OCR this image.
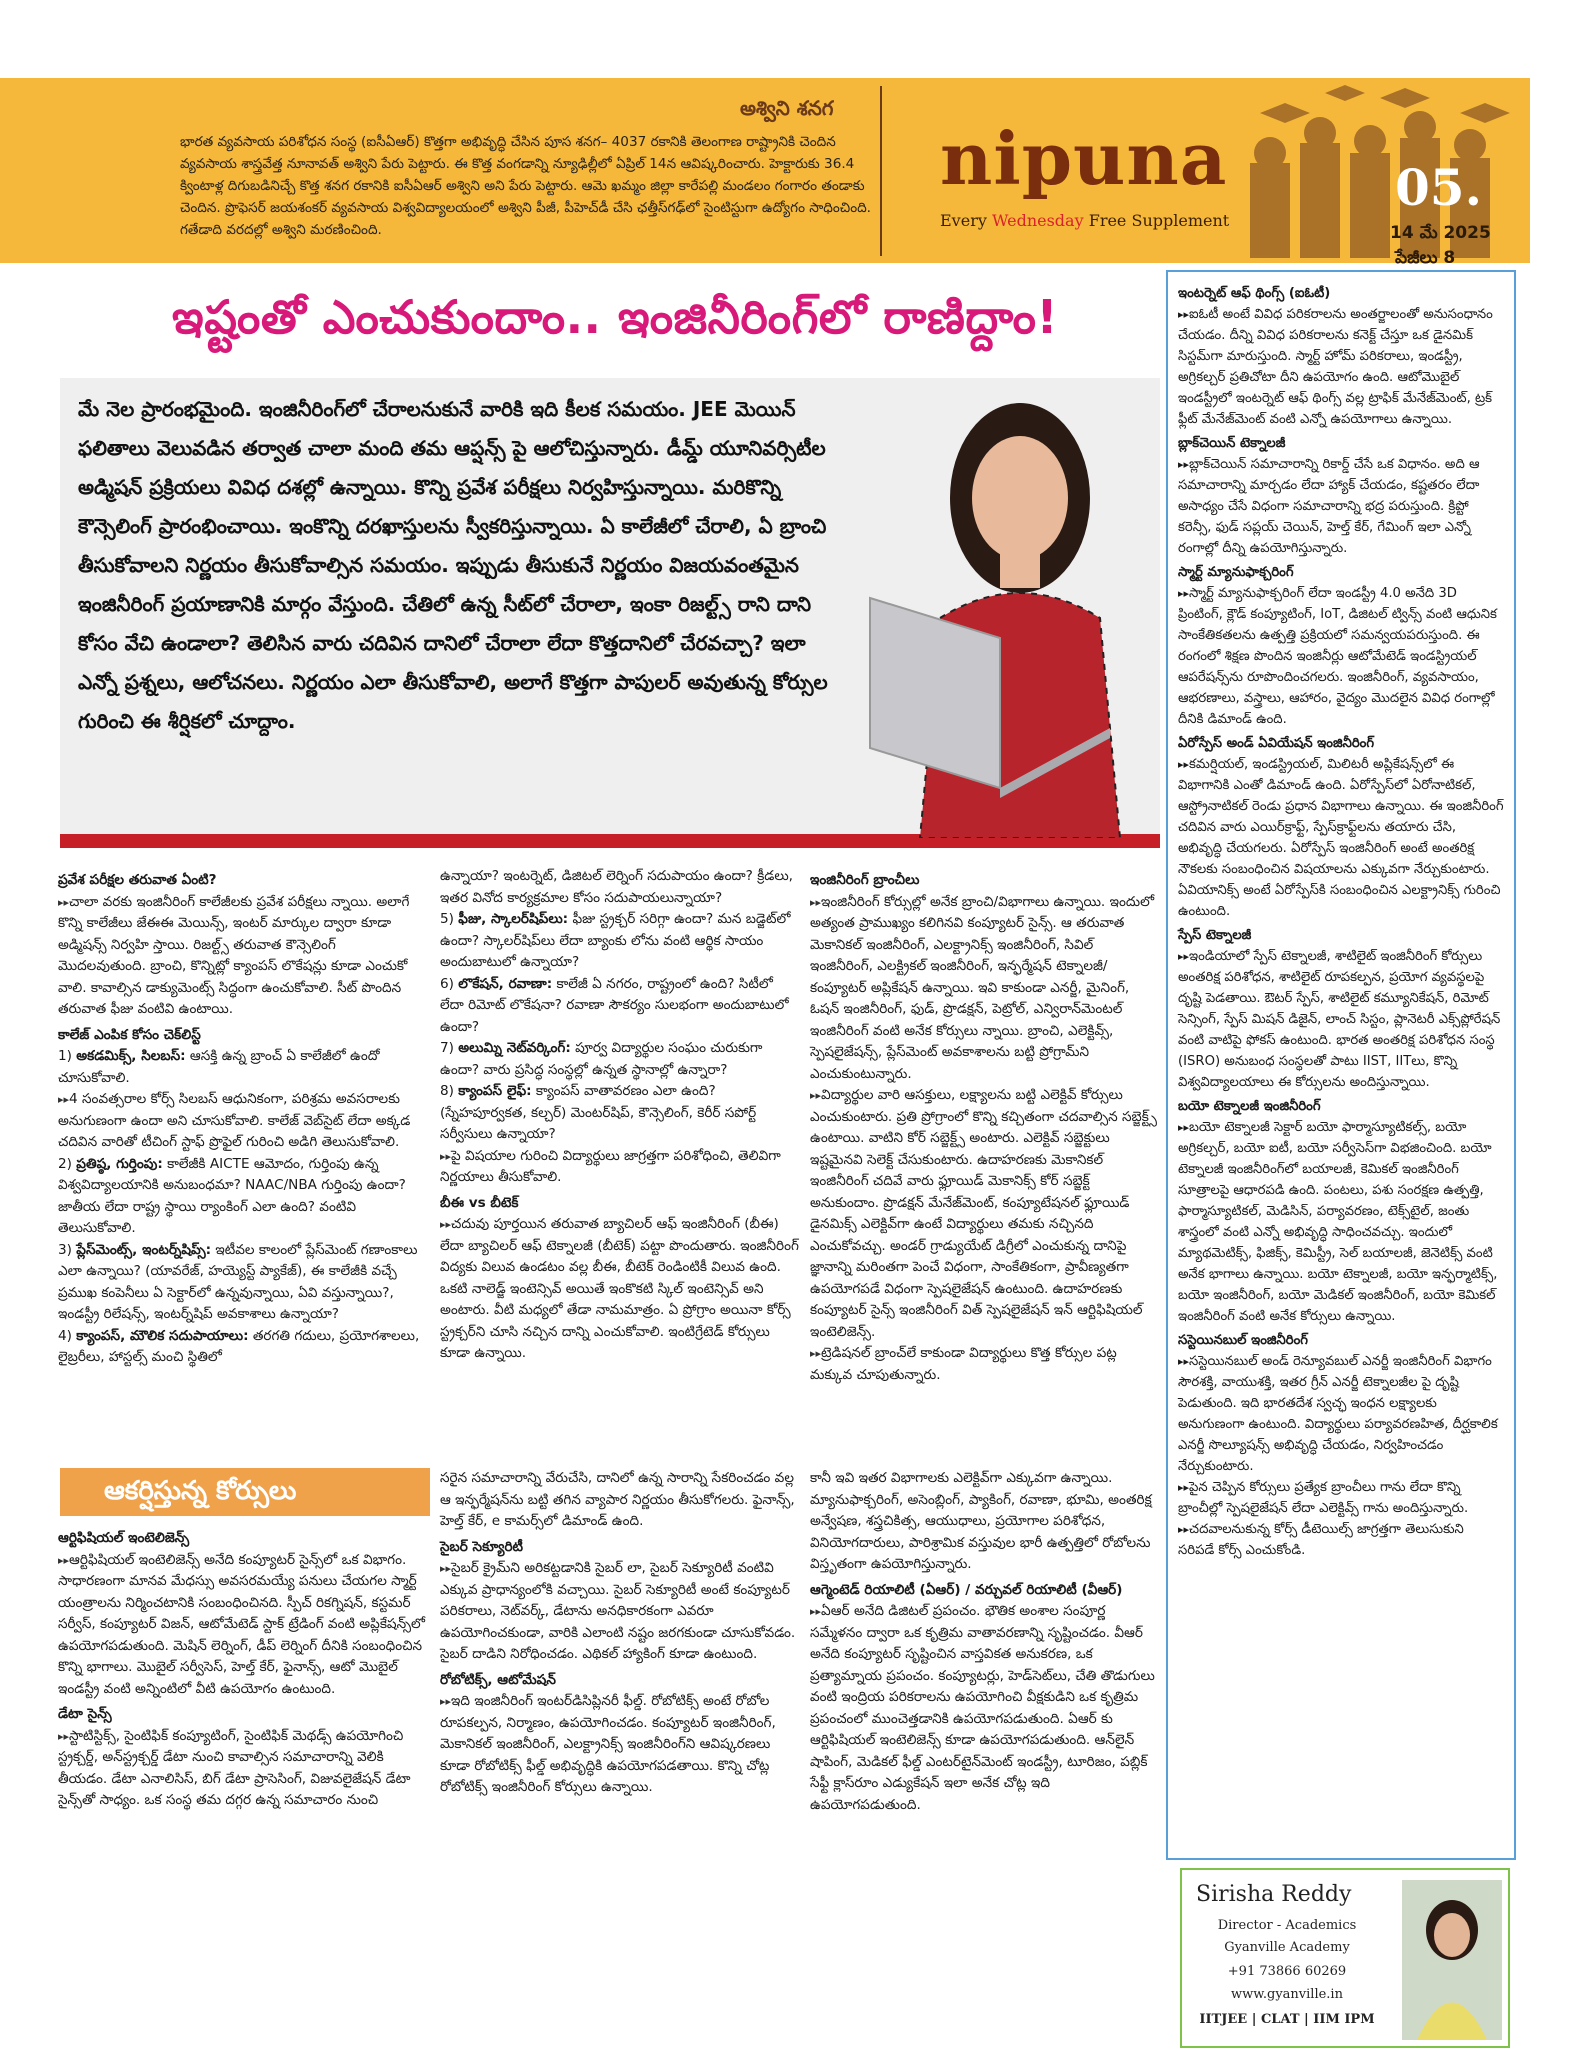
అశ్విని శనగ
భారత వ్యవసాయ పరిశోధన సంస్థ (ఐసీఏఆర్) కొత్తగా అభివృద్ధి చేసిన పూస శనగ– 4037 రకానికి తెలంగాణ రాష్ట్రానికి చెందిన వ్యవసాయ శాస్త్రవేత్త నూనావత్ అశ్విని పేరు పెట్టారు. ఈ కొత్త వంగడాన్ని న్యూఢిల్లీలో ఏప్రిల్ 14న ఆవిష్కరించారు. హెక్టారుకు 36.4 క్వింటాళ్ల దిగుబడినిచ్చే కొత్త శనగ రకానికి ఐసీఏఆర్ అశ్విని అని పేరు పెట్టారు. ఆమె ఖమ్మం జిల్లా కారేపల్లి మండలం గంగారం తండాకు చెందిన. ప్రొఫెసర్ జయశంకర్ వ్యవసాయ విశ్వవిద్యాలయంలో అశ్విని పీజీ, పీహెచ్‌డీ చేసి ఛత్తీస్‌గఢ్‌లో సైంటిస్టుగా ఉద్యోగం సాధించింది. గతేడాది వరదల్లో అశ్విని మరణించింది.
nipuna
Every Wednesday Free Supplement
05.
14 మే 2025
పేజీలు 8
ఇష్టంతో ఎంచుకుందాం.. ఇంజినీరింగ్‌లో రాణిద్దాం!
మే నెల ప్రారంభమైంది. ఇంజినీరింగ్‌లో చేరాలనుకునే వారికి ఇది కీలక సమయం. JEE మెయిన్ ఫలితాలు వెలువడిన తర్వాత చాలా మంది తమ ఆప్షన్స్ పై ఆలోచిస్తున్నారు. డీమ్డ్ యూనివర్సిటీల అడ్మిషన్ ప్రక్రియలు వివిధ దశల్లో ఉన్నాయి. కొన్ని ప్రవేశ పరీక్షలు నిర్వహిస్తున్నాయి. మరికొన్ని కౌన్సెలింగ్ ప్రారంభించాయి. ఇంకొన్ని దరఖాస్తులను స్వీకరిస్తున్నాయి. ఏ కాలేజీలో చేరాలి, ఏ బ్రాంచి తీసుకోవాలని నిర్ణయం తీసుకోవాల్సిన సమయం. ఇప్పుడు తీసుకునే నిర్ణయం విజయవంతమైన ఇంజినీరింగ్ ప్రయాణానికి మార్గం వేస్తుంది. చేతిలో ఉన్న సీట్‌లో చేరాలా, ఇంకా రిజల్ట్స్ రాని దాని కోసం వేచి ఉండాలా? తెలిసిన వారు చదివిన దానిలో చేరాలా లేదా కొత్తదానిలో చేరవచ్చా? ఇలా ఎన్నో ప్రశ్నలు, ఆలోచనలు. నిర్ణయం ఎలా తీసుకోవాలి, అలాగే కొత్తగా పాపులర్ అవుతున్న కోర్సుల గురించి ఈ శీర్షికలో చూద్దాం.
ప్రవేశ పరీక్షల తరువాత ఏంటి?

▸▸ చాలా వరకు ఇంజినీరింగ్ కాలేజీలకు ప్రవేశ పరీక్షలు న్నాయి. అలాగే కొన్ని కాలేజీలు జేఈఈ మెయిన్స్, ఇంటర్ మార్కుల ద్వారా కూడా అడ్మిషన్స్ నిర్వహి స్తాయి. రిజల్ట్స్ తరువాత కౌన్సెలింగ్ మొదలవుతుంది. బ్రాంచి, కొన్నిట్లో క్యాంపస్ లొకేషన్లు కూడా ఎంచుకో వాలి. కావాల్సిన డాక్యుమెంట్స్ సిద్ధంగా ఉంచుకోవాలి. సీట్ పొందిన తరువాత ఫీజు వంటివి ఉంటాయి.

కాలేజ్ ఎంపిక కోసం చెక్‌లిస్ట్

1) అకడమిక్స్, సిలబస్: ఆసక్తి ఉన్న బ్రాంచ్ ఏ కాలేజీలో ఉందో చూసుకోవాలి.

▸▸ 4 సంవత్సరాల కోర్స్ సిలబస్ ఆధునికంగా, పరిశ్రమ అవసరాలకు అనుగుణంగా ఉందా అని చూసుకోవాలి. కాలేజ్ వెబ్‌సైట్ లేదా అక్కడ చదివిన వారితో టీచింగ్ స్టాఫ్ ప్రొఫైల్ గురించి అడిగి తెలుసుకోవాలి.

2) ప్రతిష్ఠ, గుర్తింపు: కాలేజీకి AICTE ఆమోదం, గుర్తింపు ఉన్న విశ్వవిద్యాలయానికి అనుబంధమా? NAAC/NBA గుర్తింపు ఉందా? జాతీయ లేదా రాష్ట్ర స్థాయి ర్యాంకింగ్ ఎలా ఉంది? వంటివి తెలుసుకోవాలి.

3) ప్లేస్‌మెంట్స్, ఇంటర్న్‌షిప్స్: ఇటీవల కాలంలో ప్లేస్‌మెంట్ గణాంకాలు ఎలా ఉన్నాయి? (యావరేజ్, హయ్యెస్ట్ ప్యాకేజ్), ఈ కాలేజీకి వచ్చే ప్రముఖ కంపెనీలు ఏ సెక్టార్‌లో ఉన్నవున్నాయి, ఏవి వస్తున్నాయి?, ఇండస్ట్రీ రిలేషన్స్, ఇంటర్న్‌షిప్ అవకాశాలు ఉన్నాయా?

4) క్యాంపస్, మౌలిక సదుపాయాలు: తరగతి గదులు, ప్రయోగశాలలు, లైబ్రరీలు, హాస్టల్స్ మంచి స్థితిలో

ఉన్నాయా? ఇంటర్నెట్, డిజిటల్ లెర్నింగ్ సదుపాయం ఉందా? క్రీడలు, ఇతర వినోద కార్యక్రమాల కోసం సదుపాయలున్నాయా?

5) ఫీజు, స్కాలర్‌షిప్‌లు: ఫీజు స్ట్రక్చర్ సరిగ్గా ఉందా? మన బడ్జెట్‌లో ఉందా? స్కాలర్‌షిప్‌లు లేదా బ్యాంకు లోను వంటి ఆర్థిక సాయం అందుబాటులో ఉన్నాయా?

6) లొకేషన్, రవాణా: కాలేజీ ఏ నగరం, రాష్ట్రంలో ఉంది? సిటీలో లేదా రిమోట్ లొకేషనా? రవాణా సౌకర్యం సులభంగా అందుబాటులో ఉందా?

7) అలుమ్ని నెట్‌వర్కింగ్: పూర్వ విద్యార్థుల సంఘం చురుకుగా ఉందా? వారు ప్రసిద్ధ సంస్థల్లో ఉన్నత స్థానాల్లో ఉన్నారా?

8) క్యాంపస్ లైఫ్: క్యాంపస్ వాతావరణం ఎలా ఉంది? (స్నేహపూర్వకత, కల్చర్) మెంటర్‌షిప్, కౌన్సెలింగ్, కెరీర్ సపోర్ట్ సర్వీసులు ఉన్నాయా?

▸▸ పై విషయాల గురించి విద్యార్థులు జాగ్రత్తగా పరిశోధించి, తెలివిగా నిర్ణయాలు తీసుకోవాలి.

బీఈ vs బీటెక్

▸▸ చదువు పూర్తయిన తరువాత బ్యాచిలర్ ఆఫ్ ఇంజినీరింగ్ (బీఈ) లేదా బ్యాచిలర్ ఆఫ్ టెక్నాలజీ (బీటెక్) పట్టా పొందుతారు. ఇంజినీరింగ్ విద్యకు విలువ ఉండటం వల్ల బీఈ, బీటెక్ రెండింటికీ విలువ ఉంది. ఒకటి నాలెడ్జ్ ఇంటెన్సివ్ అయితే ఇంకొకటి స్కిల్ ఇంటెన్సివ్ అని అంటారు. వీటి మధ్యలో తేడా నామమాత్రం. ఏ ప్రోగ్రాం అయినా కోర్స్ స్ట్రక్చర్‌ని చూసి నచ్చిన దాన్ని ఎంచుకోవాలి. ఇంటిగ్రేటెడ్ కోర్సులు కూడా ఉన్నాయి.

ఇంజినీరింగ్ బ్రాంచీలు

▸▸ ఇంజినీరింగ్ కోర్సుల్లో అనేక బ్రాంచి/విభాగాలు ఉన్నాయి. ఇందులో అత్యంత ప్రాముఖ్యం కలిగినవి కంప్యూటర్ సైన్స్. ఆ తరువాత మెకానికల్ ఇంజినీరింగ్, ఎలక్ట్రానిక్స్ ఇంజినీరింగ్, సివిల్ ఇంజినీరింగ్, ఎలక్ట్రికల్ ఇంజినీరింగ్, ఇన్ఫర్మేషన్ టెక్నాలజీ/కంప్యూటర్ అప్లికేషన్ ఉన్నాయి. ఇవి కాకుండా ఎనర్జీ, మైనింగ్, ఓషన్ ఇంజినీరింగ్, ఫుడ్, ప్రొడక్షన్, పెట్రోల్, ఎన్విరాన్‌మెంటల్ ఇంజినీరింగ్ వంటి అనేక కోర్సులు న్నాయి. బ్రాంచి, ఎలెక్టివ్స్, స్పెషలైజేషన్స్, ప్లేస్‌మెంట్ అవకాశాలను బట్టి ప్రోగ్రామ్‌ని ఎంచుకుంటున్నారు.

▸▸ విద్యార్థుల వారి ఆసక్తులు, లక్ష్యాలను బట్టి ఎలెక్టివ్ కోర్సులు ఎంచుకుంటారు. ప్రతి ప్రోగ్రాంలో కొన్ని కచ్చితంగా చదవాల్సిన సబ్జెక్ట్స్ ఉంటాయి. వాటిని కోర్ సబ్జెక్ట్స్ అంటారు. ఎలెక్టివ్ సబ్జెక్టులు ఇష్టమైనవి సెలెక్ట్ చేసుకుంటారు. ఉదాహరణకు మెకానికల్ ఇంజినీరింగ్ చదివే వారు ఫ్లూయిడ్ మెకానిక్స్ కోర్ సబ్జెక్ట్ అనుకుందాం. ప్రొడక్షన్ మేనేజ్‌మెంట్, కంప్యూటేషనల్ ఫ్లూయిడ్ డైనమిక్స్ ఎలెక్టివ్‌గా ఉంటే విద్యార్థులు తమకు నచ్చినది ఎంచుకోవచ్చు. అండర్ గ్రాడ్యుయేట్ డిగ్రీలో ఎంచుకున్న దానిపై జ్ఞానాన్ని మరింతగా పెంచే విధంగా, సాంకేతికంగా, ప్రావీణ్యతగా ఉపయోగపడే విధంగా స్పెషలైజేషన్ ఉంటుంది. ఉదాహరణకు కంప్యూటర్ సైన్స్ ఇంజినీరింగ్ విత్ స్పెషలైజేషన్ ఇన్ ఆర్టిఫిషియల్ ఇంటెలిజెన్స్.

▸▸ ట్రెడిషనల్ బ్రాంచ్‌లే కాకుండా విద్యార్థులు కొత్త కోర్సుల పట్ల మక్కువ చూపుతున్నారు.

ఆకర్షిస్తున్న కోర్సులు
ఆర్టిఫిషియల్ ఇంటెలిజెన్స్

▸▸ ఆర్టిఫిషియల్ ఇంటెలిజెన్స్ అనేది కంప్యూటర్ సైన్స్‌లో ఒక విభాగం. సాధారణంగా మానవ మేధస్సు అవసరమయ్యే పనులు చేయగల స్మార్ట్ యంత్రాలను నిర్మించటానికి సంబంధించినది. స్పీచ్ రికగ్నిషన్, కస్టమర్ సర్వీస్, కంప్యూటర్ విజన్, ఆటోమేటెడ్ స్టాక్ ట్రేడింగ్ వంటి అప్లికేషన్స్‌లో ఉపయోగపడుతుంది. మెషిన్ లెర్నింగ్, డీప్ లెర్నింగ్ దీనికి సంబంధించిన కొన్ని భాగాలు. మొబైల్ సర్వీసెస్, హెల్త్ కేర్, ఫైనాన్స్, ఆటో మొబైల్ ఇండస్ట్రీ వంటి అన్నింటిలో వీటి ఉపయోగం ఉంటుంది.

డేటా సైన్స్

▸▸ స్టాటిస్టిక్స్, సైంటిఫిక్ కంప్యూటింగ్, సైంటిఫిక్ మెథడ్స్ ఉపయోగించి స్ట్రక్చర్డ్, అన్‌స్ట్రక్చర్డ్ డేటా నుంచి కావాల్సిన సమాచారాన్ని వెలికి తీయడం. డేటా ఎనాలిసిస్, బిగ్ డేటా ప్రాసెసింగ్, విజువలైజేషన్ డేటా సైన్స్‌తో సాధ్యం. ఒక సంస్థ తమ దగ్గర ఉన్న సమాచారం నుంచి

సరైన సమాచారాన్ని వేరుచేసి, దానిలో ఉన్న సారాన్ని సేకరించడం వల్ల ఆ ఇన్ఫర్మేషన్‌ను బట్టి తగిన వ్యాపార నిర్ణయం తీసుకోగలరు. ఫైనాన్స్, హెల్త్ కేర్, e కామర్స్‌లో డిమాండ్ ఉంది.

సైబర్ సెక్యూరిటీ

▸▸ సైబర్ క్రైమ్‌ని అరికట్టడానికి సైబర్ లా, సైబర్ సెక్యూరిటీ వంటివి ఎక్కువ ప్రాధాన్యంలోకి వచ్చాయి. సైబర్ సెక్యూరిటీ అంటే కంప్యూటర్ పరికరాలు, నెట్‌వర్క్, డేటాను అనధికారకంగా ఎవరూ ఉపయోగించకుండా, వారికి ఎలాంటి నష్టం జరగకుండా చూసుకోవడం. సైబర్ దాడిని నిరోధించడం. ఎథికల్ హ్యాకింగ్ కూడా ఉంటుంది.

రోబోటిక్స్, ఆటోమేషన్

▸▸ ఇది ఇంజినీరింగ్ ఇంటర్‌డిసిప్లినరీ ఫీల్డ్. రోబోటిక్స్ అంటే రోబోల రూపకల్పన, నిర్మాణం, ఉపయోగించడం. కంప్యూటర్ ఇంజినీరింగ్, మెకానికల్ ఇంజినీరింగ్, ఎలక్ట్రానిక్స్ ఇంజినీరింగ్‌ని ఆవిష్కరణలు కూడా రోబోటిక్స్ ఫీల్డ్ అభివృద్ధికి ఉపయోగపడతాయి. కొన్ని చోట్ల రోబోటిక్స్ ఇంజినీరింగ్ కోర్సులు ఉన్నాయి.

కానీ ఇవి ఇతర విభాగాలకు ఎలెక్టివ్‌గా ఎక్కువగా ఉన్నాయి. మ్యానుఫాక్చరింగ్, అసెంబ్లింగ్, ప్యాకింగ్, రవాణా, భూమి, అంతరిక్ష అన్వేషణ, శస్త్రచికిత్స, ఆయుధాలు, ప్రయోగాల పరిశోధన, వినియోగదారులు, పారిశ్రామిక వస్తువుల భారీ ఉత్పత్తిలో రోబోలను విస్తృతంగా ఉపయోగిస్తున్నారు.

ఆగ్మెంటెడ్ రియాలిటీ (ఏఆర్) / వర్చువల్ రియాలిటీ (వీఆర్)

▸▸ ఏఆర్ అనేది డిజిటల్ ప్రపంచం. భౌతిక అంశాల సంపూర్ణ సమ్మేళనం ద్వారా ఒక కృత్రిమ వాతావరణాన్ని సృష్టించడం. వీఆర్ అనేది కంప్యూటర్ సృష్టించిన వాస్తవికత అనుకరణ, ఒక ప్రత్యామ్నాయ ప్రపంచం. కంప్యూటర్లు, హెడ్‌సెట్‌లు, చేతి తొడుగులు వంటి ఇంద్రియ పరికరాలను ఉపయోగించి వీక్షకుడిని ఒక కృత్రిమ ప్రపంచంలో ముంచెత్తడానికి ఉపయోగపడుతుంది. ఏఆర్ కు ఆర్టిఫిషియల్ ఇంటెలిజెన్స్ కూడా ఉపయోగపడుతుంది. ఆన్‌లైన్ షాపింగ్, మెడికల్ ఫీల్డ్ ఎంటర్‌టైన్‌మెంట్ ఇండస్ట్రీ, టూరిజం, పబ్లిక్ సేఫ్టీ క్లాస్‌రూం ఎడ్యుకేషన్ ఇలా అనేక చోట్ల ఇది ఉపయోగపడుతుంది.

ఇంటర్నెట్ ఆఫ్ థింగ్స్ (ఐఓటీ)

▸▸ ఐఓటీ అంటే వివిధ పరికరాలను అంతర్జాలంతో అనుసంధానం చేయడం. దీన్ని వివిధ పరికరాలను కనెక్ట్ చేస్తూ ఒక డైనమిక్ సిస్టమ్‌గా మారుస్తుంది. స్మార్ట్ హోమ్ పరికరాలు, ఇండస్ట్రీ, అగ్రికల్చర్ ప్రతిచోటా దీని ఉపయోగం ఉంది. ఆటోమొబైల్ ఇండస్ట్రీలో ఇంటర్నెట్ ఆఫ్ థింగ్స్ వల్ల ట్రాఫిక్ మేనేజ్‌మెంట్, ట్రక్ ఫ్లీట్ మేనేజ్‌మెంట్ వంటి ఎన్నో ఉపయోగాలు ఉన్నాయి.

బ్లాక్‌చెయిన్ టెక్నాలజీ

▸▸ బ్లాక్‌చెయిన్ సమాచారాన్ని రికార్డ్ చేసే ఒక విధానం. అది ఆ సమాచారాన్ని మార్చడం లేదా హ్యాక్ చేయడం, కష్టతరం లేదా అసాధ్యం చేసే విధంగా సమాచారాన్ని భద్ర పరుస్తుంది. క్రిప్టో కరెన్సీ, ఫుడ్ సప్లయ్ చెయిన్, హెల్త్ కేర్, గేమింగ్ ఇలా ఎన్నో రంగాల్లో దీన్ని ఉపయోగిస్తున్నారు.

స్మార్ట్ మ్యానుఫాక్చరింగ్

▸▸ స్మార్ట్ మ్యానుఫాక్చరింగ్ లేదా ఇండస్ట్రీ 4.0 అనేది 3D ప్రింటింగ్, క్లౌడ్ కంప్యూటింగ్, IoT, డిజిటల్ ట్విన్స్ వంటి ఆధునిక సాంకేతికతలను ఉత్పత్తి ప్రక్రియలో సమన్వయపరుస్తుంది. ఈ రంగంలో శిక్షణ పొందిన ఇంజినీర్లు ఆటోమేటెడ్ ఇండస్ట్రియల్ ఆపరేషన్స్‌ను రూపొందించగలరు. ఇంజినీరింగ్, వ్యవసాయం, ఆభరణాలు, వస్త్రాలు, ఆహారం, వైద్యం మొదలైన వివిధ రంగాల్లో దీనికి డిమాండ్ ఉంది.

ఏరోస్పేస్ అండ్ ఏవియేషన్ ఇంజినీరింగ్

▸▸ కమర్షియల్, ఇండస్ట్రియల్, మిలిటరీ అప్లికేషన్స్‌లో ఈ విభాగానికి ఎంతో డిమాండ్ ఉంది. ఏరోస్పేస్‌లో ఏరోనాటికల్, ఆస్ట్రోనాటికల్ రెండు ప్రధాన విభాగాలు ఉన్నాయి. ఈ ఇంజినీరింగ్ చదివిన వారు ఎయిర్‌క్రాఫ్ట్, స్పేస్‌క్రాఫ్ట్‌లను తయారు చేసి, అభివృద్ధి చేయగలరు. ఏరోస్పేస్ ఇంజినీరింగ్ అంటే అంతరిక్ష నౌకలకు సంబంధించిన విషయాలను ఎక్కువగా నేర్చుకుంటారు. ఏవియానిక్స్ అంటే ఏరోస్పేస్‌కి సంబంధించిన ఎలక్ట్రానిక్స్ గురించి ఉంటుంది.

స్పేస్ టెక్నాలజీ

▸▸ ఇండియాలో స్పేస్ టెక్నాలజీ, శాటిలైట్ ఇంజినీరింగ్ కోర్సులు అంతరిక్ష పరిశోధన, శాటిలైట్ రూపకల్పన, ప్రయోగ వ్యవస్థలపై దృష్టి పెడతాయి. ఔటర్ స్పేస్, శాటిలైట్ కమ్యూనికేషన్, రిమోట్ సెన్సింగ్, స్పేస్ మిషన్ డిజైన్, లాంచ్ సిస్టం, ప్లానెటరీ ఎక్స్‌ప్లోరేషన్ వంటి వాటిపై ఫోకస్ ఉంటుంది. భారత అంతరిక్ష పరిశోధన సంస్థ (ISRO) అనుబంధ సంస్థలతో పాటు IIST, IITలు, కొన్ని విశ్వవిద్యాలయాలు ఈ కోర్సులను అందిస్తున్నాయి.

బయో టెక్నాలజీ ఇంజినీరింగ్

▸▸ బయో టెక్నాలజీ సెక్టార్ బయో ఫార్మాస్యూటికల్స్, బయో అగ్రికల్చర్, బయో ఐటీ, బయో సర్వీసెస్‌గా విభజించింది. బయో టెక్నాలజీ ఇంజినీరింగ్‌లో బయాలజీ, కెమికల్ ఇంజినీరింగ్ సూత్రాలపై ఆధారపడి ఉంది. పంటలు, పశు సంరక్షణ ఉత్పత్తి, ఫార్మాస్యూటికల్, మెడిసిన్, పర్యావరణం, టెక్స్‌టైల్, జంతు శాస్త్రంలో వంటి ఎన్నో అభివృద్ధి సాధించవచ్చు. ఇందులో మ్యాథమెటిక్స్, ఫిజిక్స్, కెమిస్ట్రీ, సెల్ బయాలజీ, జెనెటిక్స్ వంటి అనేక భాగాలు ఉన్నాయి. బయో టెక్నాలజీ, బయో ఇన్ఫర్మాటిక్స్, బయో ఇంజినీరింగ్, బయో మెడికల్ ఇంజినీరింగ్, బయో కెమికల్ ఇంజినీరింగ్ వంటి అనేక కోర్సులు ఉన్నాయి.

సస్టెయినబుల్ ఇంజినీరింగ్

▸▸ సస్టెయినబుల్ అండ్ రెన్యూవబుల్ ఎనర్జీ ఇంజినీరింగ్ విభాగం సౌరశక్తి, వాయుశక్తి, ఇతర గ్రీన్ ఎనర్జీ టెక్నాలజీల పై దృష్టి పెడుతుంది. ఇది భారతదేశ స్వచ్ఛ ఇంధన లక్ష్యాలకు అనుగుణంగా ఉంటుంది. విద్యార్థులు పర్యావరణహిత, దీర్ఘకాలిక ఎనర్జీ సొల్యూషన్స్ అభివృద్ధి చేయడం, నిర్వహించడం నేర్చుకుంటారు.

▸▸ పైన చెప్పిన కోర్సులు ప్రత్యేక బ్రాంచీలు గాను లేదా కొన్ని బ్రాంచీల్లో స్పెషలైజేషన్ లేదా ఎలెక్టివ్స్ గాను అందిస్తున్నారు.

▸▸ చదవాలనుకున్న కోర్స్ డీటెయిల్స్ జాగ్రత్తగా తెలుసుకుని సరిపడే కోర్స్ ఎంచుకోండి.

Sirisha Reddy
Director - Academics
Gyanville Academy
+91 73866 60269
www.gyanville.in
IITJEE | CLAT | IIM IPM
